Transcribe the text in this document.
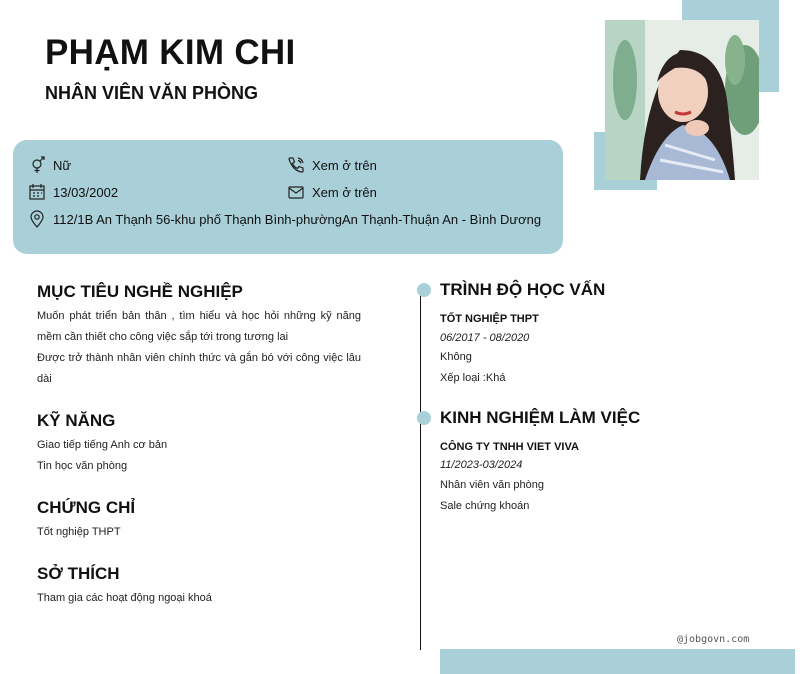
PHẠM KIM CHI
NHÂN VIÊN VĂN PHÒNG
Nữ	Xem ở trên
13/03/2002	Xem ở trên
112/1B An Thạnh 56-khu phố Thạnh Bình-phườngAn Thạnh-Thuận An - Bình Dương
MỤC TIÊU NGHỀ NGHIỆP
Muốn phát triển bản thân , tìm hiểu và học hỏi những kỹ năng mềm cần thiết cho công việc sắp tới trong tương lai
Được trở thành nhân viên chính thức và gắn bó với công việc lâu dài
KỸ NĂNG
Giao tiếp tiếng Anh cơ bản
Tin học văn phòng
CHỨNG CHỈ
Tốt nghiệp THPT
SỞ THÍCH
Tham gia các hoạt động ngoại khoá
TRÌNH ĐỘ HỌC VẤN
TỐT NGHIỆP THPT
06/2017 - 08/2020
Không
Xếp loại :Khá
KINH NGHIỆM LÀM VIỆC
CÔNG TY TNHH VIET VIVA
11/2023-03/2024
Nhân viên văn phòng
Sale chứng khoán
@jobgovn.com
